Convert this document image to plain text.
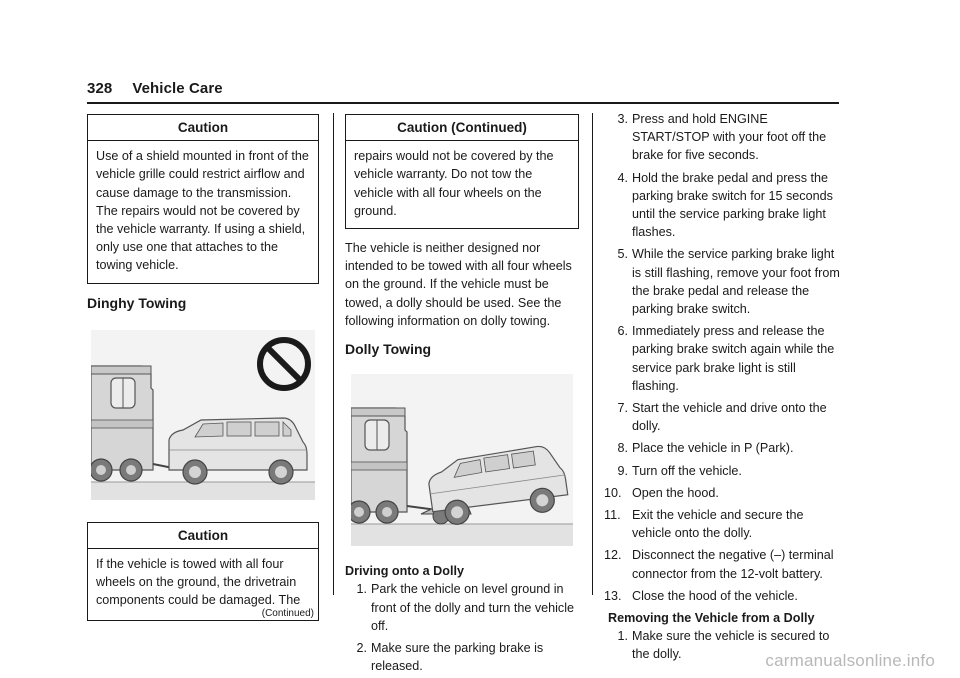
328 Vehicle Care
Caution
Use of a shield mounted in front of the vehicle grille could restrict airflow and cause damage to the transmission. The repairs would not be covered by the vehicle warranty. If using a shield, only use one that attaches to the towing vehicle.
Dinghy Towing
Caution
If the vehicle is towed with all four wheels on the ground, the drivetrain components could be damaged. The
(Continued)
Caution (Continued)
repairs would not be covered by the vehicle warranty. Do not tow the vehicle with all four wheels on the ground.

The vehicle is neither designed nor intended to be towed with all four wheels on the ground. If the vehicle must be towed, a dolly should be used. See the following information on dolly towing.

Dolly Towing
Driving onto a Dolly
1. Park the vehicle on level ground in front of the dolly and turn the vehicle off.
2. Make sure the parking brake is released.
3. Press and hold ENGINE START/STOP with your foot off the brake for five seconds.
4. Hold the brake pedal and press the parking brake switch for 15 seconds until the service parking brake light flashes.
5. While the service parking brake light is still flashing, remove your foot from the brake pedal and release the parking brake switch.
6. Immediately press and release the parking brake switch again while the service park brake light is still flashing.
7. Start the vehicle and drive onto the dolly.
8. Place the vehicle in P (Park).
9. Turn off the vehicle.
10. Open the hood.
11. Exit the vehicle and secure the vehicle onto the dolly.
12. Disconnect the negative (–) terminal connector from the 12-volt battery.
13. Close the hood of the vehicle.
Removing the Vehicle from a Dolly
1. Make sure the vehicle is secured to the dolly.	carmanualsonline.info
